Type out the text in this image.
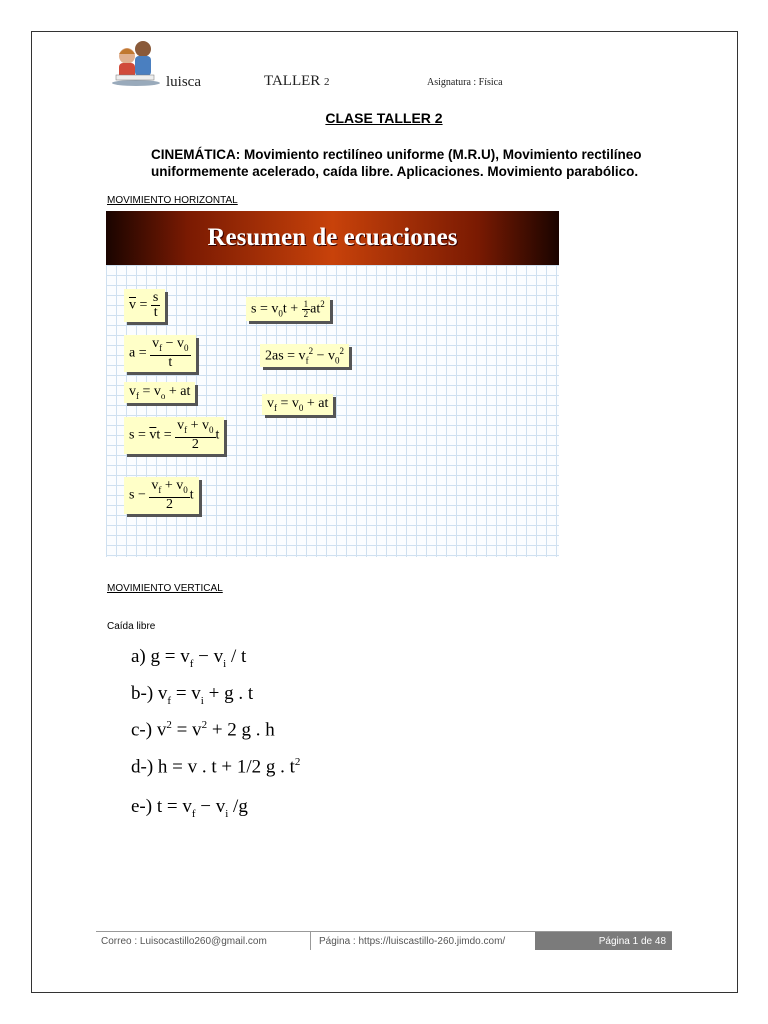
luisca	TALLER 2	Asignatura : Física
CLASE TALLER 2
CINEMÁTICA: Movimiento rectilíneo uniforme (M.R.U), Movimiento rectilíneo uniformemente acelerado, caída libre. Aplicaciones. Movimiento parabólico.
MOVIMIENTO HORIZONTAL
Resumen de ecuaciones
$\overline{v} = \frac{s}{t}$
$a = \frac{v_f - v_0}{t}$
$v_f = v_o$ + at
$s = \overline{v}t = \frac{v_f + v_0}{2}$ t
$s - \frac{v_f + v_0}{2}$ t
$s = v_0t + \frac{1}{2} at^2$
$2as = v_f^2 - v_0^2$
$v_f = v_0$ + at
MOVIMIENTO VERTICAL
Caída libre
a) $g = v_f - v_i / t$
b-) $v_f = v_i + g$ . t
c-) $v^2 = v^2 + 2$ g . h
d-) h = v . t + 1/2 g . $t^2$
e-) $t = v_f - v_i$ /g
Correo : Luisocastillo260@gmail.com	Página : https://luiscastillo-260.jimdo.com/	Página 1 de 48
